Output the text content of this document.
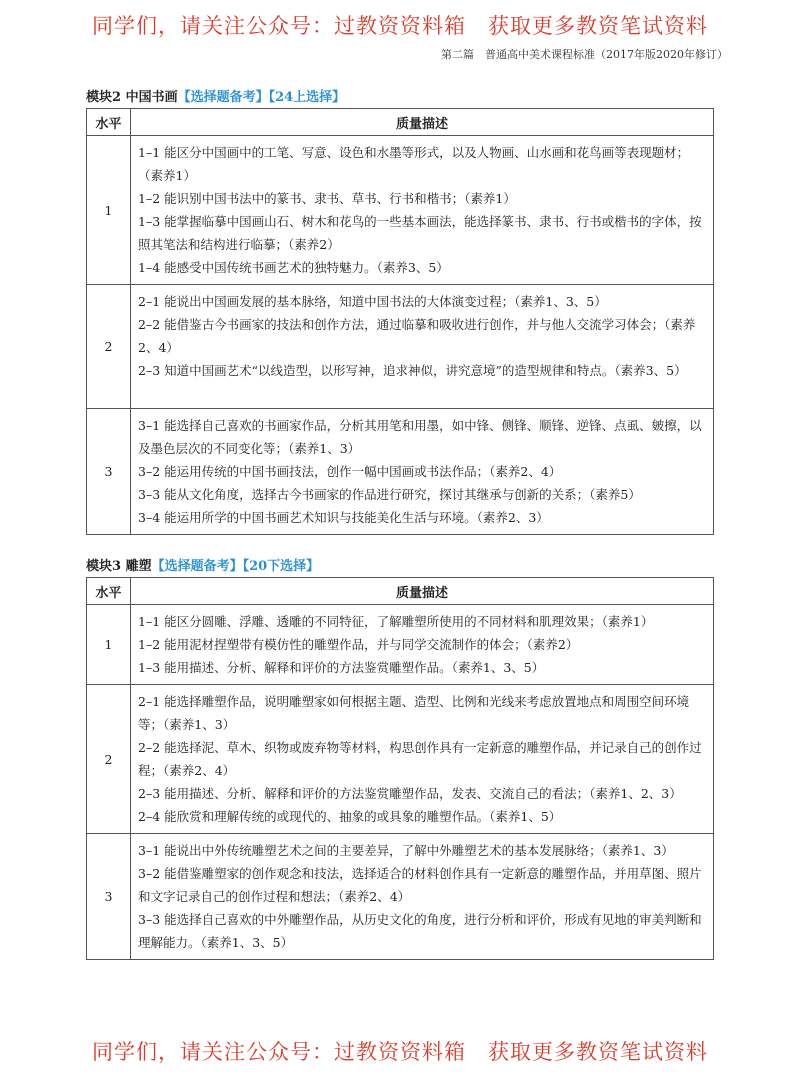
同学们，请关注公众号：过教资资料箱　获取更多教资笔试资料
第二篇　普通高中美术课程标准（2017年版2020年修订）
模块2 中国书画【选择题备考】【24上选择】
水平	质量描述
1	1–1 能区分中国画中的工笔、写意、设色和水墨等形式，以及人物画、山水画和花鸟画等表现题材；（素养1）

1–2 能识别中国书法中的篆书、隶书、草书、行书和楷书；（素养1）

1–3 能掌握临摹中国画山石、树木和花鸟的一些基本画法，能选择篆书、隶书、行书或楷书的字体，按照其笔法和结构进行临摹；（素养2）

1–4 能感受中国传统书画艺术的独特魅力。（素养3、5）

2	2–1 能说出中国画发展的基本脉络，知道中国书法的大体演变过程；（素养1、3、5）

2–2 能借鉴古今书画家的技法和创作方法，通过临摹和吸收进行创作，并与他人交流学习体会；（素养2、4）

2–3 知道中国画艺术“以线造型，以形写神，追求神似，讲究意境”的造型规律和特点。（素养3、5）

3	3–1 能选择自己喜欢的书画家作品，分析其用笔和用墨，如中锋、侧锋、顺锋、逆锋、点虱、皴擦，以及墨色层次的不同变化等；（素养1、3）

3–2 能运用传统的中国书画技法，创作一幅中国画或书法作品；（素养2、4）

3–3 能从文化角度，选择古今书画家的作品进行研究，探讨其继承与创新的关系；（素养5）

3–4 能运用所学的中国书画艺术知识与技能美化生活与环境。（素养2、3）

模块3 雕塑【选择题备考】【20下选择】
水平	质量描述
1	1–1 能区分圆雕、浮雕、透雕的不同特征，了解雕塑所使用的不同材料和肌理效果；（素养1）

1–2 能用泥材捏塑带有模仿性的雕塑作品，并与同学交流制作的体会；（素养2）

1–3 能用描述、分析、解释和评价的方法鉴赏雕塑作品。（素养1、3、5）

2	2–1 能选择雕塑作品，说明雕塑家如何根据主题、造型、比例和光线来考虑放置地点和周围空间环境等；（素养1、3）

2–2 能选择泥、草木、织物或废弃物等材料，构思创作具有一定新意的雕塑作品，并记录自己的创作过程；（素养2、4）

2–3 能用描述、分析、解释和评价的方法鉴赏雕塑作品，发表、交流自己的看法；（素养1、2、3）

2–4 能欣赏和理解传统的或现代的、抽象的或具象的雕塑作品。（素养1、5）

3	3–1 能说出中外传统雕塑艺术之间的主要差异，了解中外雕塑艺术的基本发展脉络；（素养1、3）

3–2 能借鉴雕塑家的创作观念和技法，选择适合的材料创作具有一定新意的雕塑作品，并用草图、照片和文字记录自己的创作过程和想法；（素养2、4）

3–3 能选择自己喜欢的中外雕塑作品，从历史文化的角度，进行分析和评价，形成有见地的审美判断和理解能力。（素养1、3、5）

同学们，请关注公众号：过教资资料箱　获取更多教资笔试资料
